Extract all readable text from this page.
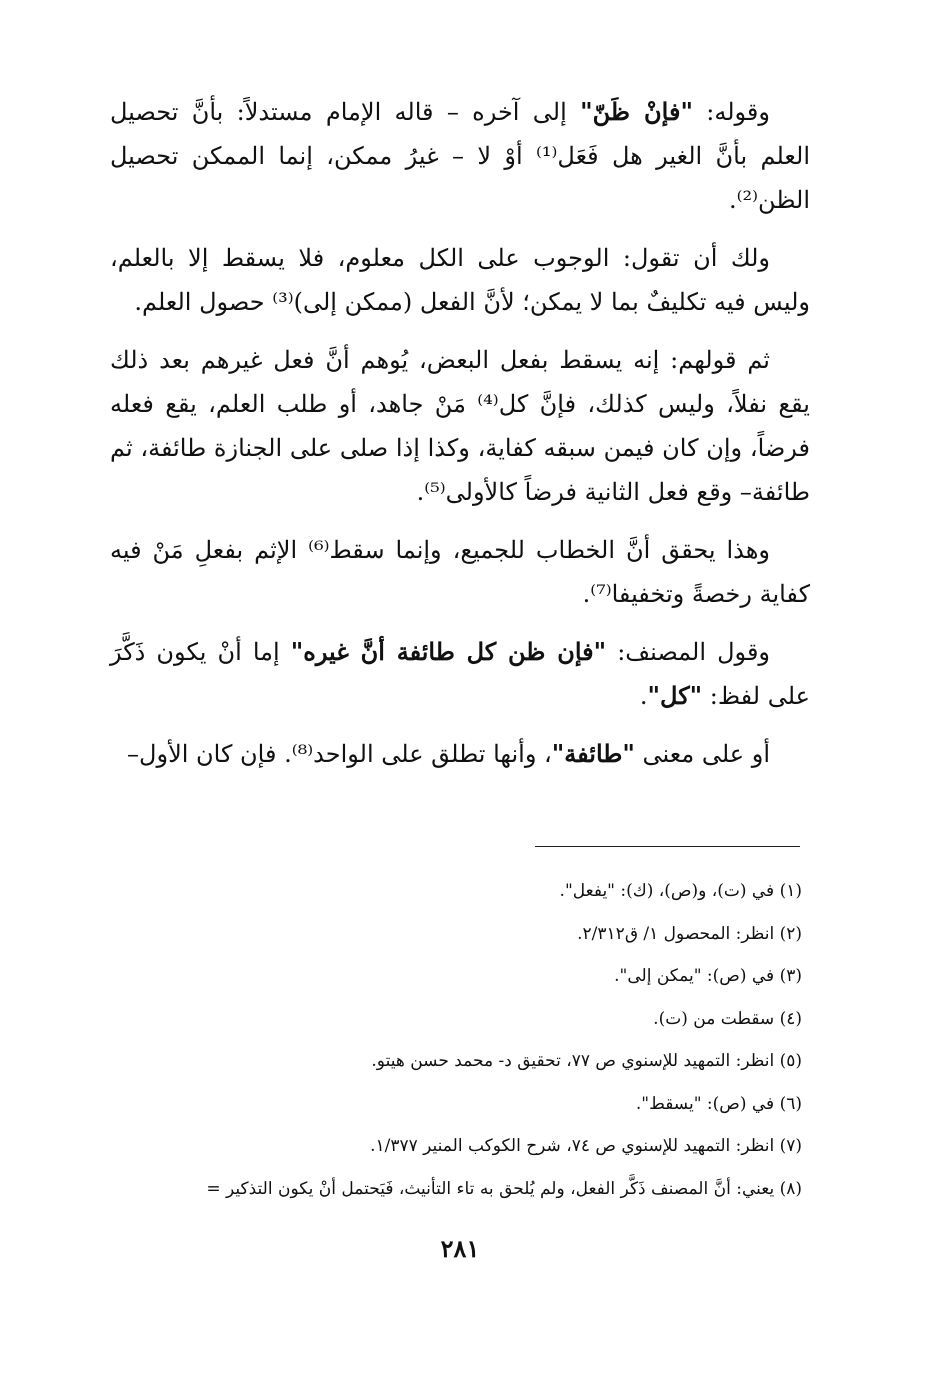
وقوله: "فإنْ ظَنّ" إلى آخره – قاله الإمام مستدلاً: بأنَّ تحصيل العلم بأنَّ الغير هل فَعَل⁽¹⁾ أوْ لا – غيرُ ممكن، إنما الممكن تحصيل الظن⁽²⁾.

ولك أن تقول: الوجوب على الكل معلوم، فلا يسقط إلا بالعلم، وليس فيه تكليفٌ بما لا يمكن؛ لأنَّ الفعل (ممكن إلى)⁽³⁾ حصول العلم.

ثم قولهم: إنه يسقط بفعل البعض، يُوهم أنَّ فعل غيرهم بعد ذلك يقع نفلاً، وليس كذلك، فإنَّ كل⁽⁴⁾ مَنْ جاهد، أو طلب العلم، يقع فعله فرضاً، وإن كان فيمن سبقه كفاية، وكذا إذا صلى على الجنازة طائفة، ثم طائفة– وقع فعل الثانية فرضاً كالأولى⁽⁵⁾.

وهذا يحقق أنَّ الخطاب للجميع، وإنما سقط⁽⁶⁾ الإثم بفعلِ مَنْ فيه كفاية رخصةً وتخفيفا⁽⁷⁾.

وقول المصنف: "فإن ظن كل طائفة أنَّ غيره" إما أنْ يكون ذَكَّرَ على لفظ: "كل".

أو على معنى "طائفة"، وأنها تطلق على الواحد⁽⁸⁾. فإن كان الأول–

(١) في (ت)، و(ص)، (ك): "يفعل".
(٢) انظر: المحصول ١/ ق٢/٣١٢.
(٣) في (ص): "يمكن إلى".
(٤) سقطت من (ت).
(٥) انظر: التمهيد للإسنوي ص ٧٧، تحقيق د- محمد حسن هيتو.
(٦) في (ص): "يسقط".
(٧) انظر: التمهيد للإسنوي ص ٧٤، شرح الكوكب المنير ١/٣٧٧.
(٨) يعني: أنَّ المصنف ذَكَّر الفعل، ولم يُلحق به تاء التأنيث، فَيَحتمل أنْ يكون التذكير =
٢٨١
